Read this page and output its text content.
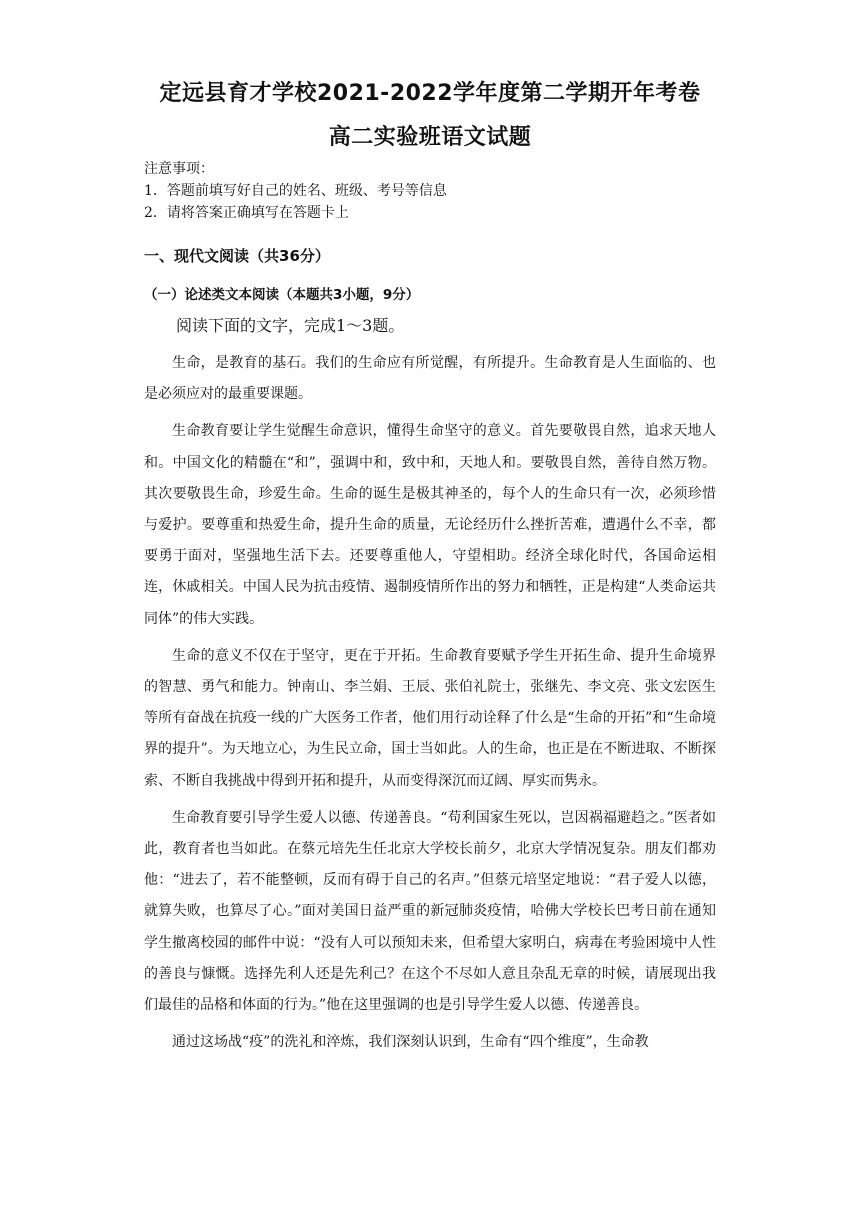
定远县育才学校2021-2022学年度第二学期开年考卷
高二实验班语文试题
注意事项：
1．答题前填写好自己的姓名、班级、考号等信息
2．请将答案正确填写在答题卡上
一、现代文阅读（共36分）
（一）论述类文本阅读（本题共3小题，9分）
阅读下面的文字，完成1～3题。

生命，是教育的基石。我们的生命应有所觉醒，有所提升。生命教育是人生面临的、也是必须应对的最重要课题。

生命教育要让学生觉醒生命意识，懂得生命坚守的意义。首先要敬畏自然，追求天地人和。中国文化的精髓在“和”，强调中和，致中和，天地人和。要敬畏自然，善待自然万物。其次要敬畏生命，珍爱生命。生命的诞生是极其神圣的，每个人的生命只有一次，必须珍惜与爱护。要尊重和热爱生命，提升生命的质量，无论经历什么挫折苦难，遭遇什么不幸，都要勇于面对，坚强地生活下去。还要尊重他人，守望相助。经济全球化时代，各国命运相连，休戚相关。中国人民为抗击疫情、遏制疫情所作出的努力和牺牲，正是构建“人类命运共同体”的伟大实践。

生命的意义不仅在于坚守，更在于开拓。生命教育要赋予学生开拓生命、提升生命境界的智慧、勇气和能力。钟南山、李兰娟、王辰、张伯礼院士，张继先、李文亮、张文宏医生等所有奋战在抗疫一线的广大医务工作者，他们用行动诠释了什么是“生命的开拓”和“生命境界的提升”。为天地立心，为生民立命，国士当如此。人的生命，也正是在不断进取、不断探索、不断自我挑战中得到开拓和提升，从而变得深沉而辽阔、厚实而隽永。

生命教育要引导学生爱人以德、传递善良。“苟利国家生死以，岂因祸福避趋之。”医者如此，教育者也当如此。在蔡元培先生任北京大学校长前夕，北京大学情况复杂。朋友们都劝他：“进去了，若不能整顿，反而有碍于自己的名声。”但蔡元培坚定地说：“君子爱人以德，就算失败，也算尽了心。”面对美国日益严重的新冠肺炎疫情，哈佛大学校长巴考日前在通知学生撤离校园的邮件中说：“没有人可以预知未来，但希望大家明白，病毒在考验困境中人性的善良与慷慨。选择先利人还是先利己？在这个不尽如人意且杂乱无章的时候，请展现出我们最佳的品格和体面的行为。”他在这里强调的也是引导学生爱人以德、传递善良。

通过这场战“疫”的洗礼和淬炼，我们深刻认识到，生命有“四个维度”，生命教
